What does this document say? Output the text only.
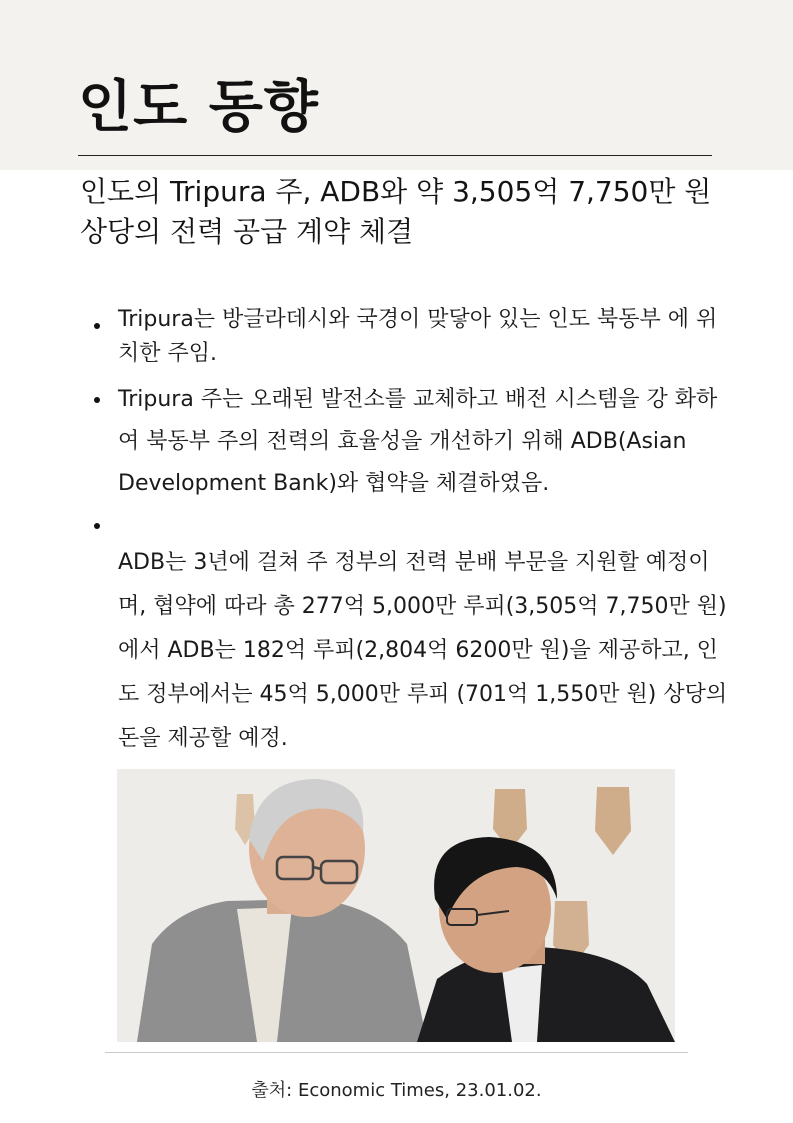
인도 동향
인도의 Tripura 주, ADB와 약 3,505억 7,750만 원 상당의 전력 공급 계약 체결
Tripura는 방글라데시와 국경이 맞닿아 있는 인도 북동부 에 위치한 주임.
Tripura 주는 오래된 발전소를 교체하고 배전 시스템을 강 화하여 북동부 주의 전력의 효율성을 개선하기 위해 ADB(Asian Development Bank)와 협약을 체결하였음.
ADB는 3년에 걸쳐 주 정부의 전력 분배 부문을 지원할 예정이며, 협약에 따라 총 277억 5,000만 루피(3,505억 7,750만 원)에서 ADB는 182억 루피(2,804억 6200만 원)을 제공하고, 인도 정부에서는 45억 5,000만 루피 (701억 1,550만 원) 상당의 돈을 제공할 예정.
출처: Economic Times, 23.01.02.
